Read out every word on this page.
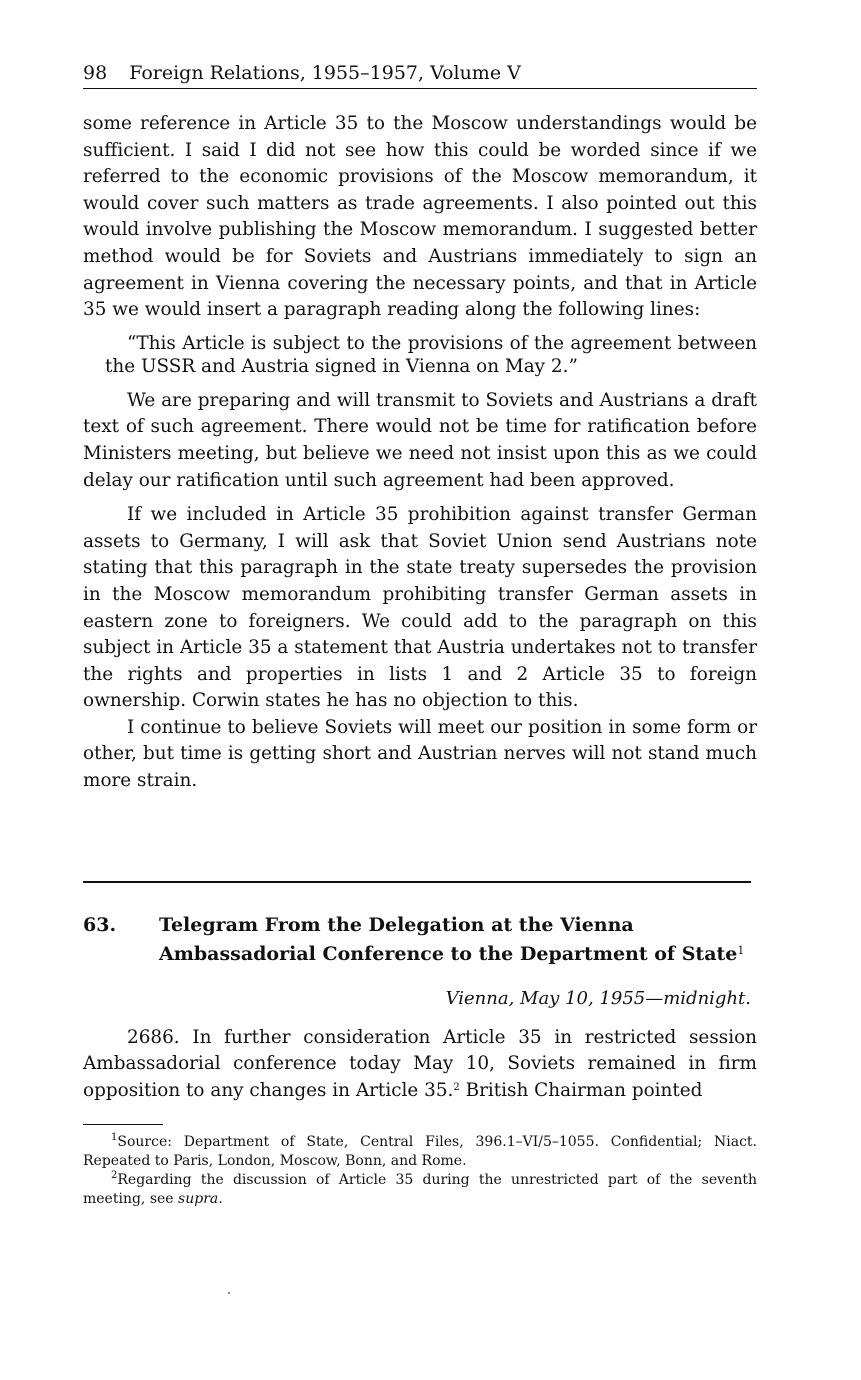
98 Foreign Relations, 1955–1957, Volume V

some reference in Article 35 to the Moscow understandings would be sufficient. I said I did not see how this could be worded since if we referred to the economic provisions of the Moscow memorandum, it would cover such matters as trade agreements. I also pointed out this would involve publishing the Moscow memorandum. I suggested better method would be for Soviets and Austrians immediately to sign an agreement in Vienna covering the necessary points, and that in Article 35 we would insert a paragraph reading along the following lines:

“This Article is subject to the provisions of the agreement between the USSR and Austria signed in Vienna on May 2.”

We are preparing and will transmit to Soviets and Austrians a draft text of such agreement. There would not be time for ratification before Ministers meeting, but believe we need not insist upon this as we could delay our ratification until such agreement had been approved.

If we included in Article 35 prohibition against transfer German assets to Germany, I will ask that Soviet Union send Austrians note stating that this paragraph in the state treaty supersedes the provision in the Moscow memorandum prohibiting transfer German assets in eastern zone to foreigners. We could add to the paragraph on this subject in Article 35 a statement that Austria undertakes not to transfer the rights and properties in lists 1 and 2 Article 35 to foreign ownership. Corwin states he has no objection to this.

I continue to believe Soviets will meet our position in some form or other, but time is getting short and Austrian nerves will not stand much more strain.

63.	Telegram From the Delegation at the Vienna Ambassadorial Conference to the Department of State$^1$
Vienna, May 10, 1955—midnight.

2686. In further consideration Article 35 in restricted session Ambassadorial conference today May 10, Soviets remained in firm opposition to any changes in Article 35.$^2$ British Chairman pointed

$^1$Source: Department of State, Central Files, 396.1–VI/5–1055. Confidential; Niact. Repeated to Paris, London, Moscow, Bonn, and Rome.

$^2$Regarding the discussion of Article 35 during the unrestricted part of the seventh meeting, see supra.
